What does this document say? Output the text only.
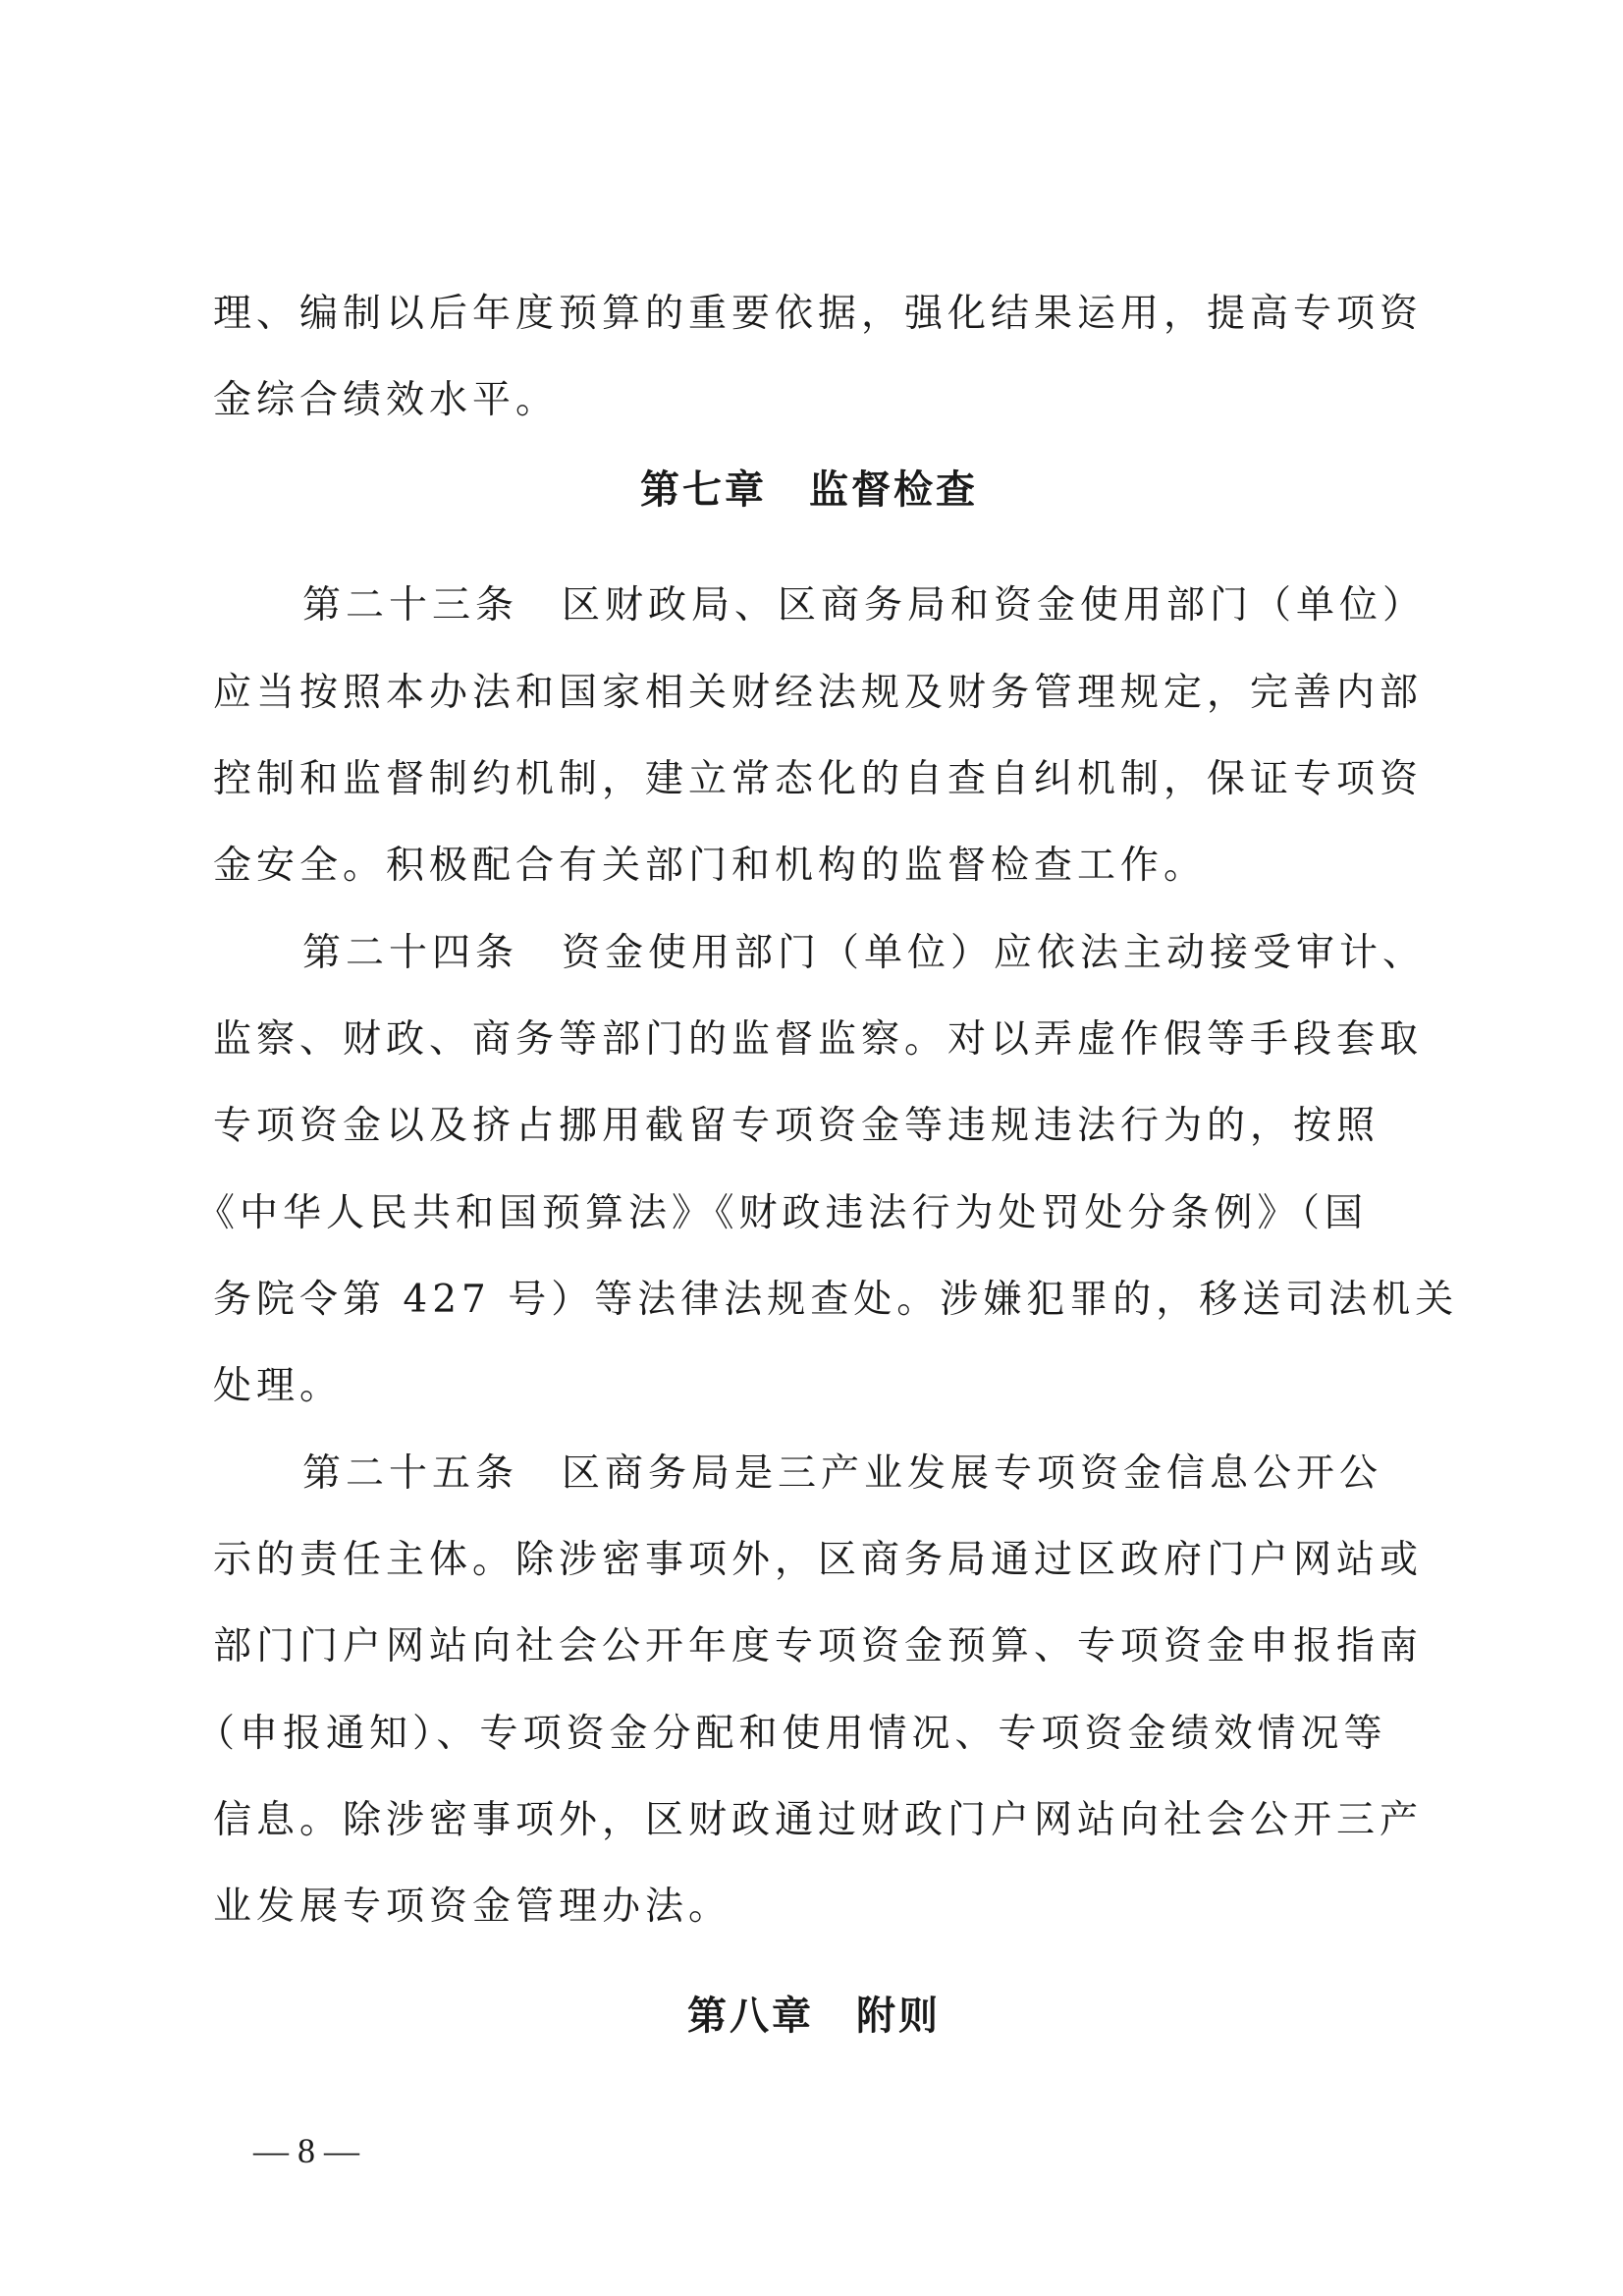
理、编制以后年度预算的重要依据，强化结果运用，提高专项资
金综合绩效水平。
第七章　监督检查
第二十三条　区财政局、区商务局和资金使用部门（单位）
应当按照本办法和国家相关财经法规及财务管理规定，完善内部
控制和监督制约机制，建立常态化的自查自纠机制，保证专项资
金安全。积极配合有关部门和机构的监督检查工作。
第二十四条　资金使用部门（单位）应依法主动接受审计、
监察、财政、商务等部门的监督监察。对以弄虚作假等手段套取
专项资金以及挤占挪用截留专项资金等违规违法行为的，按照
《中华人民共和国预算法》《财政违法行为处罚处分条例》（国
务院令第 427 号）等法律法规查处。涉嫌犯罪的，移送司法机关
处理。
第二十五条　区商务局是三产业发展专项资金信息公开公
示的责任主体。除涉密事项外，区商务局通过区政府门户网站或
部门门户网站向社会公开年度专项资金预算、专项资金申报指南
（申报通知）、专项资金分配和使用情况、专项资金绩效情况等
信息。除涉密事项外，区财政通过财政门户网站向社会公开三产
业发展专项资金管理办法。
第八章　附则
— 8 —
